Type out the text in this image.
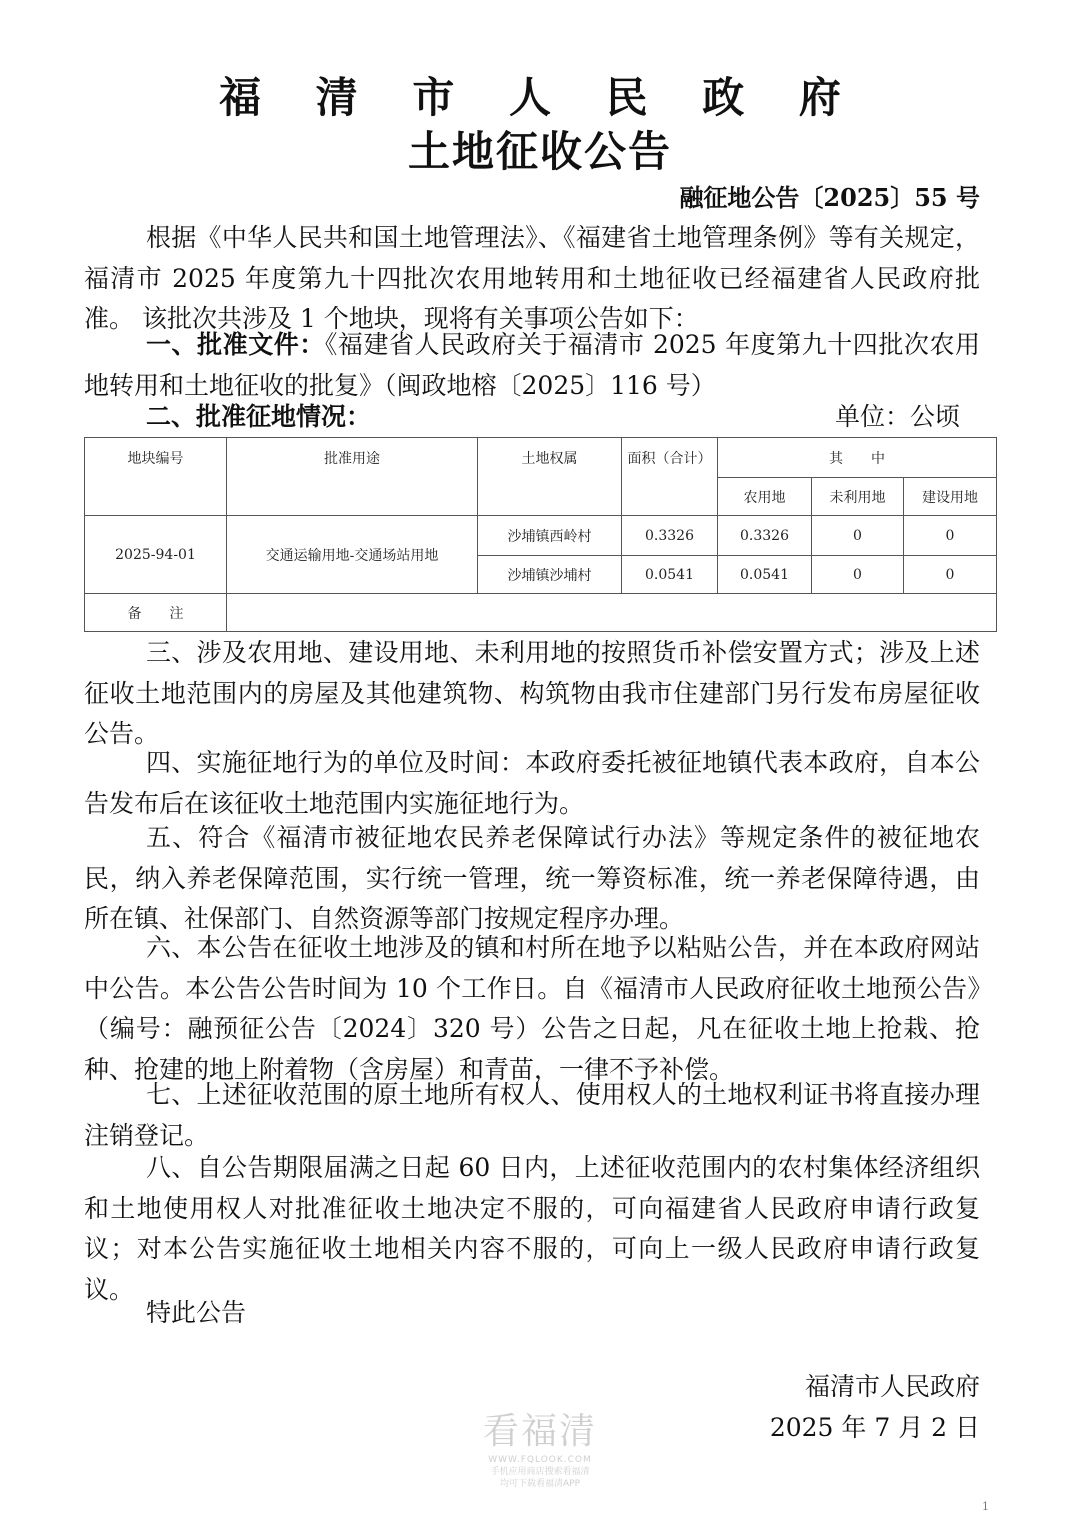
福 清 市 人 民 政 府
土地征收公告
融征地公告〔2025〕55 号
根据《中华人民共和国土地管理法》、《福建省土地管理条例》等有关规定，福清市 2025 年度第九十四批次农用地转用和土地征收已经福建省人民政府批准。 该批次共涉及 1 个地块，现将有关事项公告如下：
一、批准文件：《福建省人民政府关于福清市 2025 年度第九十四批次农用地转用和土地征收的批复》（闽政地榕〔2025〕116 号）
二、批准征地情况：	单位：公顷
地块编号	批准用途	土地权属	面积（合计）	其　　中		
				农用地	未利用地	建设用地
2025-94-01	交通运输用地-交通场站用地	沙埔镇西岭村	0.3326	0.3326	0	0
		沙埔镇沙埔村	0.0541	0.0541	0	0
备　　注						
三、涉及农用地、建设用地、未利用地的按照货币补偿安置方式；涉及上述征收土地范围内的房屋及其他建筑物、构筑物由我市住建部门另行发布房屋征收公告。
四、实施征地行为的单位及时间：本政府委托被征地镇代表本政府，自本公告发布后在该征收土地范围内实施征地行为。
五、符合《福清市被征地农民养老保障试行办法》等规定条件的被征地农民，纳入养老保障范围，实行统一管理，统一筹资标准，统一养老保障待遇，由所在镇、社保部门、自然资源等部门按规定程序办理。
六、本公告在征收土地涉及的镇和村所在地予以粘贴公告，并在本政府网站中公告。本公告公告时间为 10 个工作日。自《福清市人民政府征收土地预公告》（编号：融预征公告〔2024〕320 号）公告之日起，凡在征收土地上抢栽、抢种、抢建的地上附着物（含房屋）和青苗，一律不予补偿。
七、上述征收范围的原土地所有权人、使用权人的土地权利证书将直接办理注销登记。
八、自公告期限届满之日起 60 日内，上述征收范围内的农村集体经济组织和土地使用权人对批准征收土地决定不服的，可向福建省人民政府申请行政复议；对本公告实施征收土地相关内容不服的，可向上一级人民政府申请行政复议。
特此公告
福清市人民政府
2025 年 7 月 2 日
看福清
WWW.FQLOOK.COM
手机应用商店搜索看福清
均可下载看福清APP
1
